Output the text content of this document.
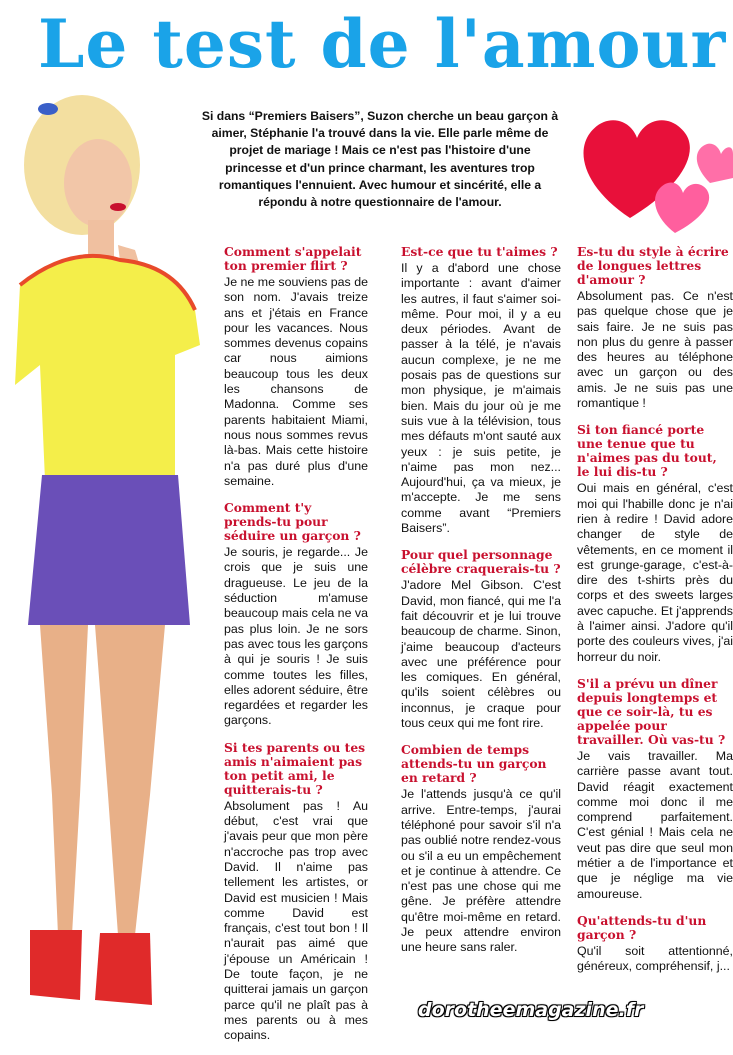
Le test de l'amour
Si dans “Premiers Baisers”, Suzon cherche un beau garçon à aimer, Stéphanie l'a trouvé dans la vie. Elle parle même de projet de mariage ! Mais ce n'est pas l'histoire d'une princesse et d'un prince charmant, les aventures trop romantiques l'ennuient. Avec humour et sincérité, elle a répondu à notre questionnaire de l'amour.
Comment s'appelait ton premier flirt ?
Je ne me souviens pas de son nom. J'avais treize ans et j'étais en France pour les vacances. Nous sommes devenus copains car nous aimions beaucoup tous les deux les chansons de Madonna. Comme ses parents habitaient Miami, nous nous sommes revus là-bas. Mais cette histoire n'a pas duré plus d'une semaine.
Comment t'y prends-tu pour séduire un garçon ?
Je souris, je regarde... Je crois que je suis une dragueuse. Le jeu de la séduction m'amuse beaucoup mais cela ne va pas plus loin. Je ne sors pas avec tous les garçons à qui je souris ! Je suis comme toutes les filles, elles adorent séduire, être regardées et regarder les garçons.
Si tes parents ou tes amis n'aimaient pas ton petit ami, le quitterais-tu ?
Absolument pas ! Au début, c'est vrai que j'avais peur que mon père n'accroche pas trop avec David. Il n'aime pas tellement les artistes, or David est musicien ! Mais comme David est français, c'est tout bon ! Il n'aurait pas aimé que j'épouse un Américain ! De toute façon, je ne quitterai jamais un garçon parce qu'il ne plaît pas à mes parents ou à mes copains.
Est-ce que tu t'aimes ?
Il y a d'abord une chose importante : avant d'aimer les autres, il faut s'aimer soi-même. Pour moi, il y a eu deux périodes. Avant de passer à la télé, je n'avais aucun complexe, je ne me posais pas de questions sur mon physique, je m'aimais bien. Mais du jour où je me suis vue à la télévision, tous mes défauts m'ont sauté aux yeux : je suis petite, je n'aime pas mon nez... Aujourd'hui, ça va mieux, je m'accepte. Je me sens comme avant “Premiers Baisers”.
Pour quel personnage célèbre craquerais-tu ?
J'adore Mel Gibson. C'est David, mon fiancé, qui me l'a fait découvrir et je lui trouve beaucoup de charme. Sinon, j'aime beaucoup d'acteurs avec une préférence pour les comiques. En général, qu'ils soient célèbres ou inconnus, je craque pour tous ceux qui me font rire.
Combien de temps attends-tu un garçon en retard ?
Je l'attends jusqu'à ce qu'il arrive. Entre-temps, j'aurai téléphoné pour savoir s'il n'a pas oublié notre rendez-vous ou s'il a eu un empêchement et je continue à attendre. Ce n'est pas une chose qui me gêne. Je préfère attendre qu'être moi-même en retard. Je peux attendre environ une heure sans raler.
Es-tu du style à écrire de longues lettres d'amour ?
Absolument pas. Ce n'est pas quelque chose que je sais faire. Je ne suis pas non plus du genre à passer des heures au téléphone avec un garçon ou des amis. Je ne suis pas une romantique !
Si ton fiancé porte une tenue que tu n'aimes pas du tout, le lui dis-tu ?
Oui mais en général, c'est moi qui l'habille donc je n'ai rien à redire ! David adore changer de style de vêtements, en ce moment il est grunge-garage, c'est-à-dire des t-shirts près du corps et des sweets larges avec capuche. Et j'apprends à l'aimer ainsi. J'adore qu'il porte des couleurs vives, j'ai horreur du noir.
S'il a prévu un dîner depuis longtemps et que ce soir-là, tu es appelée pour travailler. Où vas-tu ?
Je vais travailler. Ma carrière passe avant tout. David réagit exactement comme moi donc il me comprend parfaitement. C'est génial ! Mais cela ne veut pas dire que seul mon métier a de l'importance et que je néglige ma vie amoureuse.
Qu'attends-tu d'un garçon ?
Qu'il soit attentionné, généreux, compréhensif, j...
dorotheemagazine.fr
